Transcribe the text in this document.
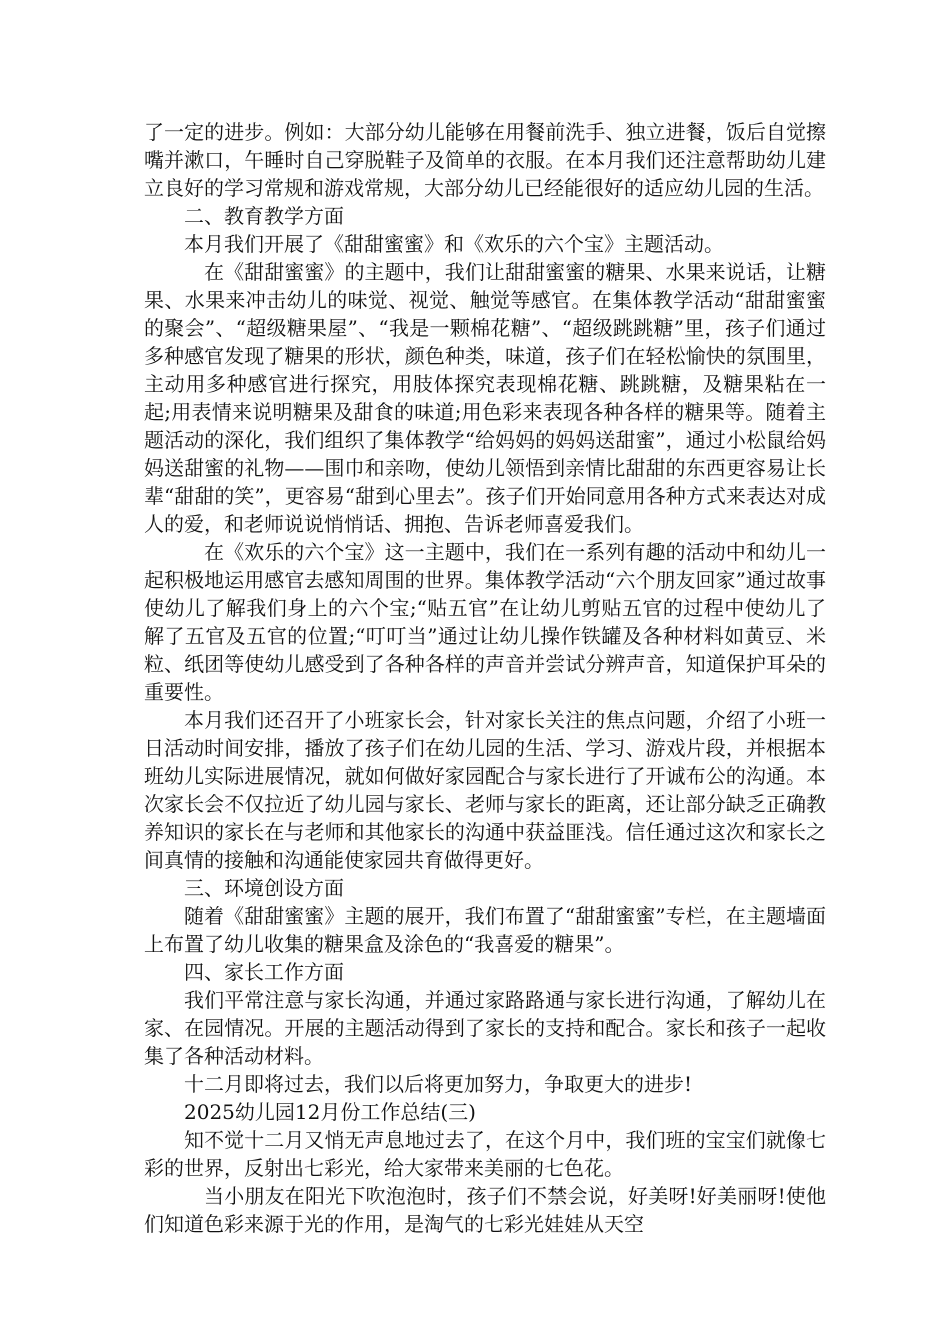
了一定的进步。例如：大部分幼儿能够在用餐前洗手、独立进餐，饭后自觉擦嘴并漱口，午睡时自己穿脱鞋子及简单的衣服。在本月我们还注意帮助幼儿建立良好的学习常规和游戏常规，大部分幼儿已经能很好的适应幼儿园的生活。

二、教育教学方面

本月我们开展了《甜甜蜜蜜》和《欢乐的六个宝》主题活动。

在《甜甜蜜蜜》的主题中，我们让甜甜蜜蜜的糖果、水果来说话，让糖果、水果来冲击幼儿的味觉、视觉、触觉等感官。在集体教学活动“甜甜蜜蜜的聚会”、“超级糖果屋”、“我是一颗棉花糖”、“超级跳跳糖”里，孩子们通过多种感官发现了糖果的形状，颜色种类，味道，孩子们在轻松愉快的氛围里，主动用多种感官进行探究，用肢体探究表现棉花糖、跳跳糖，及糖果粘在一起;用表情来说明糖果及甜食的味道;用色彩来表现各种各样的糖果等。随着主题活动的深化，我们组织了集体教学“给妈妈的妈妈送甜蜜”，通过小松鼠给妈妈送甜蜜的礼物——围巾和亲吻，使幼儿领悟到亲情比甜甜的东西更容易让长辈“甜甜的笑”，更容易“甜到心里去”。孩子们开始同意用各种方式来表达对成人的爱，和老师说说悄悄话、拥抱、告诉老师喜爱我们。

在《欢乐的六个宝》这一主题中，我们在一系列有趣的活动中和幼儿一起积极地运用感官去感知周围的世界。集体教学活动“六个朋友回家”通过故事使幼儿了解我们身上的六个宝;“贴五官”在让幼儿剪贴五官的过程中使幼儿了解了五官及五官的位置;“叮叮当”通过让幼儿操作铁罐及各种材料如黄豆、米粒、纸团等使幼儿感受到了各种各样的声音并尝试分辨声音，知道保护耳朵的重要性。

本月我们还召开了小班家长会，针对家长关注的焦点问题，介绍了小班一日活动时间安排，播放了孩子们在幼儿园的生活、学习、游戏片段，并根据本班幼儿实际进展情况，就如何做好家园配合与家长进行了开诚布公的沟通。本次家长会不仅拉近了幼儿园与家长、老师与家长的距离，还让部分缺乏正确教养知识的家长在与老师和其他家长的沟通中获益匪浅。信任通过这次和家长之间真情的接触和沟通能使家园共育做得更好。

三、环境创设方面

随着《甜甜蜜蜜》主题的展开，我们布置了“甜甜蜜蜜”专栏，在主题墙面上布置了幼儿收集的糖果盒及涂色的“我喜爱的糖果”。

四、家长工作方面

我们平常注意与家长沟通，并通过家路路通与家长进行沟通，了解幼儿在家、在园情况。开展的主题活动得到了家长的支持和配合。家长和孩子一起收集了各种活动材料。

十二月即将过去，我们以后将更加努力，争取更大的进步!

2025幼儿园12月份工作总结(三)

知不觉十二月又悄无声息地过去了，在这个月中，我们班的宝宝们就像七彩的世界，反射出七彩光，给大家带来美丽的七色花。

当小朋友在阳光下吹泡泡时，孩子们不禁会说，好美呀!好美丽呀!使他们知道色彩来源于光的作用，是淘气的七彩光娃娃从天空
